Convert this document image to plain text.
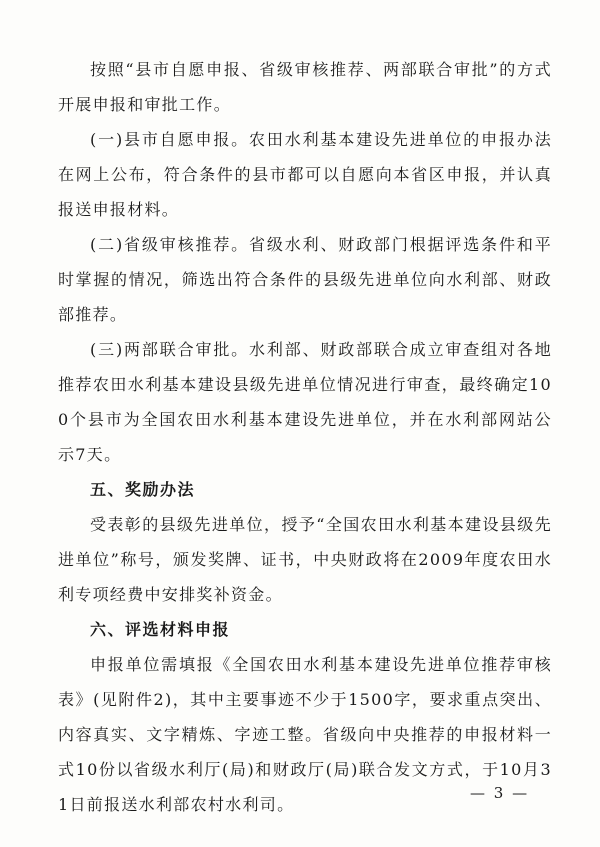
按照“县市自愿申报、省级审核推荐、两部联合审批”的方式开展申报和审批工作。

(一)县市自愿申报。农田水利基本建设先进单位的申报办法在网上公布，符合条件的县市都可以自愿向本省区申报，并认真报送申报材料。

(二)省级审核推荐。省级水利、财政部门根据评选条件和平时掌握的情况，筛选出符合条件的县级先进单位向水利部、财政部推荐。

(三)两部联合审批。水利部、财政部联合成立审查组对各地推荐农田水利基本建设县级先进单位情况进行审查，最终确定100个县市为全国农田水利基本建设先进单位，并在水利部网站公示7天。

五、奖励办法

受表彰的县级先进单位，授予“全国农田水利基本建设县级先进单位”称号，颁发奖牌、证书，中央财政将在2009年度农田水利专项经费中安排奖补资金。

六、评选材料申报

申报单位需填报《全国农田水利基本建设先进单位推荐审核表》(见附件2)，其中主要事迹不少于1500字，要求重点突出、内容真实、文字精炼、字迹工整。省级向中央推荐的申报材料一式10份以省级水利厅(局)和财政厅(局)联合发文方式，于10月31日前报送水利部农村水利司。

— 3 —
